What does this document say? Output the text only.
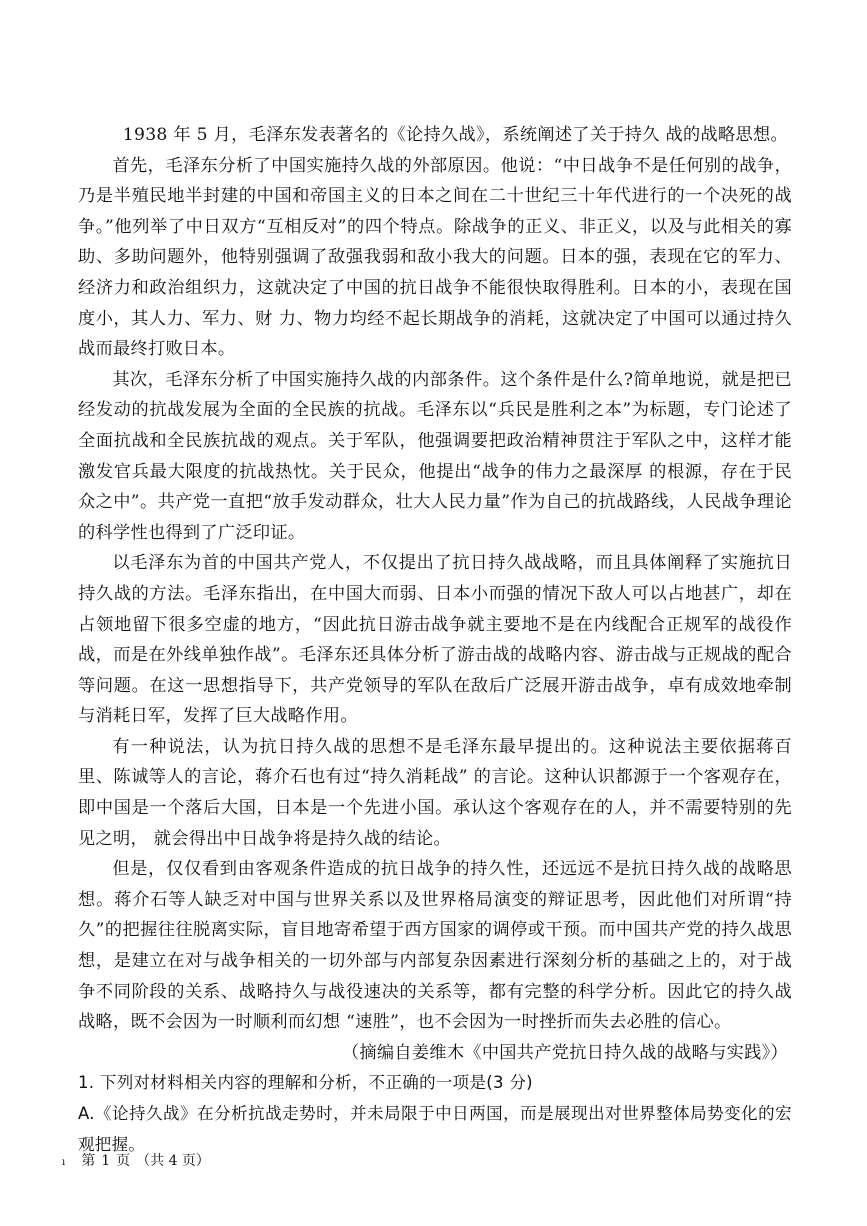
1938 年 5 月，毛泽东发表著名的《论持久战》，系统阐述了关于持久 战的战略思想。

首先，毛泽东分析了中国实施持久战的外部原因。他说：“中日战争不是任何别的战争，乃是半殖民地半封建的中国和帝国主义的日本之间在二十世纪三十年代进行的一个决死的战争。”他列举了中日双方“互相反对”的四个特点。除战争的正义、非正义，以及与此相关的寡 助、多助问题外，他特别强调了敌强我弱和敌小我大的问题。日本的强，表现在它的军力、经济力和政治组织力，这就决定了中国的抗日战争不能很快取得胜利。日本的小，表现在国度小，其人力、军力、财 力、物力均经不起长期战争的消耗，这就决定了中国可以通过持久战而最终打败日本。

其次，毛泽东分析了中国实施持久战的内部条件。这个条件是什么?简单地说，就是把已经发动的抗战发展为全面的全民族的抗战。毛泽东以“兵民是胜利之本”为标题，专门论述了全面抗战和全民族抗战的观点。关于军队，他强调要把政治精神贯注于军队之中，这样才能激发官兵最大限度的抗战热忱。关于民众，他提出“战争的伟力之最深厚 的根源，存在于民众之中”。共产党一直把“放手发动群众，壮大人民力量”作为自己的抗战路线，人民战争理论的科学性也得到了广泛印证。

以毛泽东为首的中国共产党人，不仅提出了抗日持久战战略，而且具体阐释了实施抗日持久战的方法。毛泽东指出，在中国大而弱、日本小而强的情况下敌人可以占地甚广，却在占领地留下很多空虚的地方，“因此抗日游击战争就主要地不是在内线配合正规军的战役作战，而是在外线单独作战”。毛泽东还具体分析了游击战的战略内容、游击战与正规战的配合等问题。在这一思想指导下，共产党领导的军队在敌后广泛展开游击战争，卓有成效地牵制与消耗日军，发挥了巨大战略作用。

有一种说法，认为抗日持久战的思想不是毛泽东最早提出的。这种说法主要依据蒋百里、陈诚等人的言论，蒋介石也有过“持久消耗战” 的言论。这种认识都源于一个客观存在，即中国是一个落后大国，日本是一个先进小国。承认这个客观存在的人，并不需要特别的先见之明， 就会得出中日战争将是持久战的结论。

但是，仅仅看到由客观条件造成的抗日战争的持久性，还远远不是抗日持久战的战略思想。蒋介石等人缺乏对中国与世界关系以及世界格局演变的辩证思考，因此他们对所谓“持久”的把握往往脱离实际，盲目地寄希望于西方国家的调停或干预。而中国共产党的持久战思想，是建立在对与战争相关的一切外部与内部复杂因素进行深刻分析的基础之上的，对于战争不同阶段的关系、战略持久与战役速决的关系等，都有完整的科学分析。因此它的持久战战略，既不会因为一时顺利而幻想 “速胜”，也不会因为一时挫折而失去必胜的信心。

（摘编自姜维木《中国共产党抗日持久战的战略与实践》）

1. 下列对材料相关内容的理解和分析，不正确的一项是(3 分)

A.《论持久战》在分析抗战走势时，并未局限于中日两国，而是展现出对世界整体局势变化的宏观把握。

ı 第 1 页 （共 4 页）
